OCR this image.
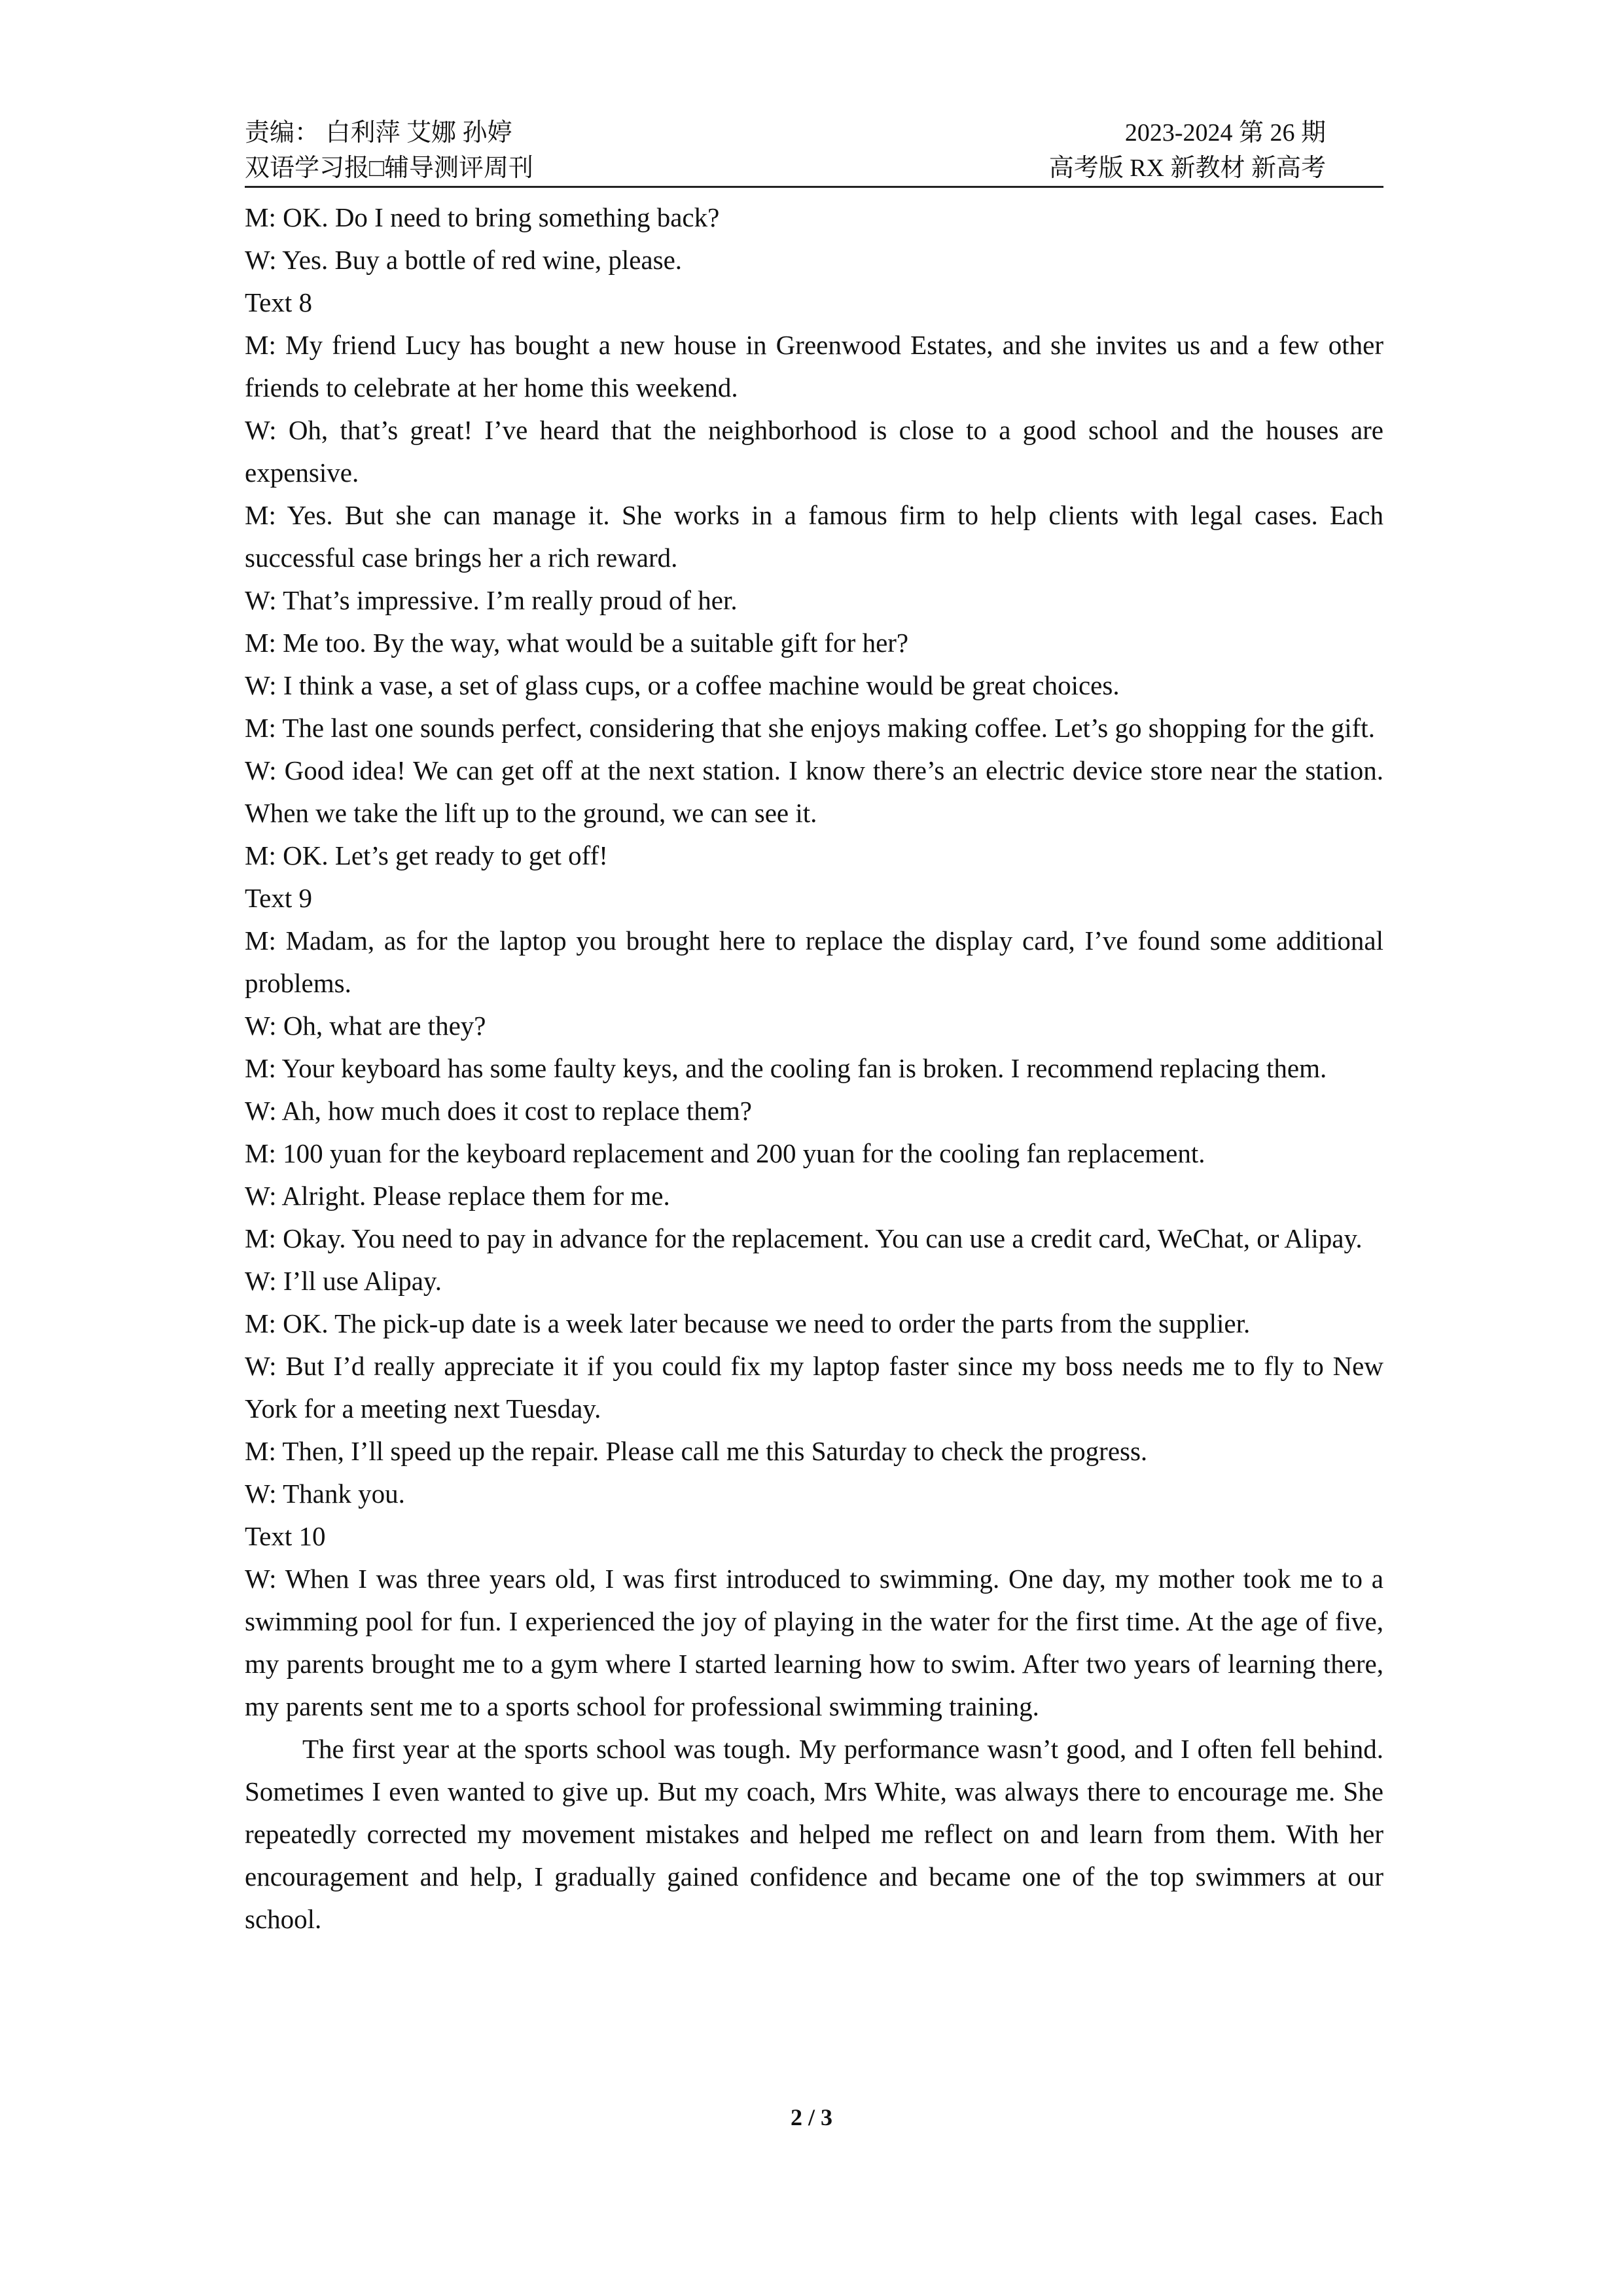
责编： 白利萍 艾娜 孙婷
双语学习报□辅导测评周刊
2023-2024 第 26 期
高考版 RX 新教材 新高考

M: OK. Do I need to bring something back?

W: Yes. Buy a bottle of red wine, please.

Text 8

M: My friend Lucy has bought a new house in Greenwood Estates, and she invites us and a few other friends to celebrate at her home this weekend.

W: Oh, that’s great! I’ve heard that the neighborhood is close to a good school and the houses are expensive.

M: Yes. But she can manage it. She works in a famous firm to help clients with legal cases. Each successful case brings her a rich reward.

W: That’s impressive. I’m really proud of her.

M: Me too. By the way, what would be a suitable gift for her?

W: I think a vase, a set of glass cups, or a coffee machine would be great choices.

M: The last one sounds perfect, considering that she enjoys making coffee. Let’s go shopping for the gift.

W: Good idea! We can get off at the next station. I know there’s an electric device store near the station. When we take the lift up to the ground, we can see it.

M: OK. Let’s get ready to get off!

Text 9

M: Madam, as for the laptop you brought here to replace the display card, I’ve found some additional problems.

W: Oh, what are they?

M: Your keyboard has some faulty keys, and the cooling fan is broken. I recommend replacing them.

W: Ah, how much does it cost to replace them?

M: 100 yuan for the keyboard replacement and 200 yuan for the cooling fan replacement.

W: Alright. Please replace them for me.

M: Okay. You need to pay in advance for the replacement. You can use a credit card, WeChat, or Alipay.

W: I’ll use Alipay.

M: OK. The pick-up date is a week later because we need to order the parts from the supplier.

W: But I’d really appreciate it if you could fix my laptop faster since my boss needs me to fly to New York for a meeting next Tuesday.

M: Then, I’ll speed up the repair. Please call me this Saturday to check the progress.

W: Thank you.

Text 10

W: When I was three years old, I was first introduced to swimming. One day, my mother took me to a swimming pool for fun. I experienced the joy of playing in the water for the first time. At the age of five, my parents brought me to a gym where I started learning how to swim. After two years of learning there, my parents sent me to a sports school for professional swimming training.

The first year at the sports school was tough. My performance wasn’t good, and I often fell behind. Sometimes I even wanted to give up. But my coach, Mrs White, was always there to encourage me. She repeatedly corrected my movement mistakes and helped me reflect on and learn from them. With her encouragement and help, I gradually gained confidence and became one of the top swimmers at our school.

2 / 3
